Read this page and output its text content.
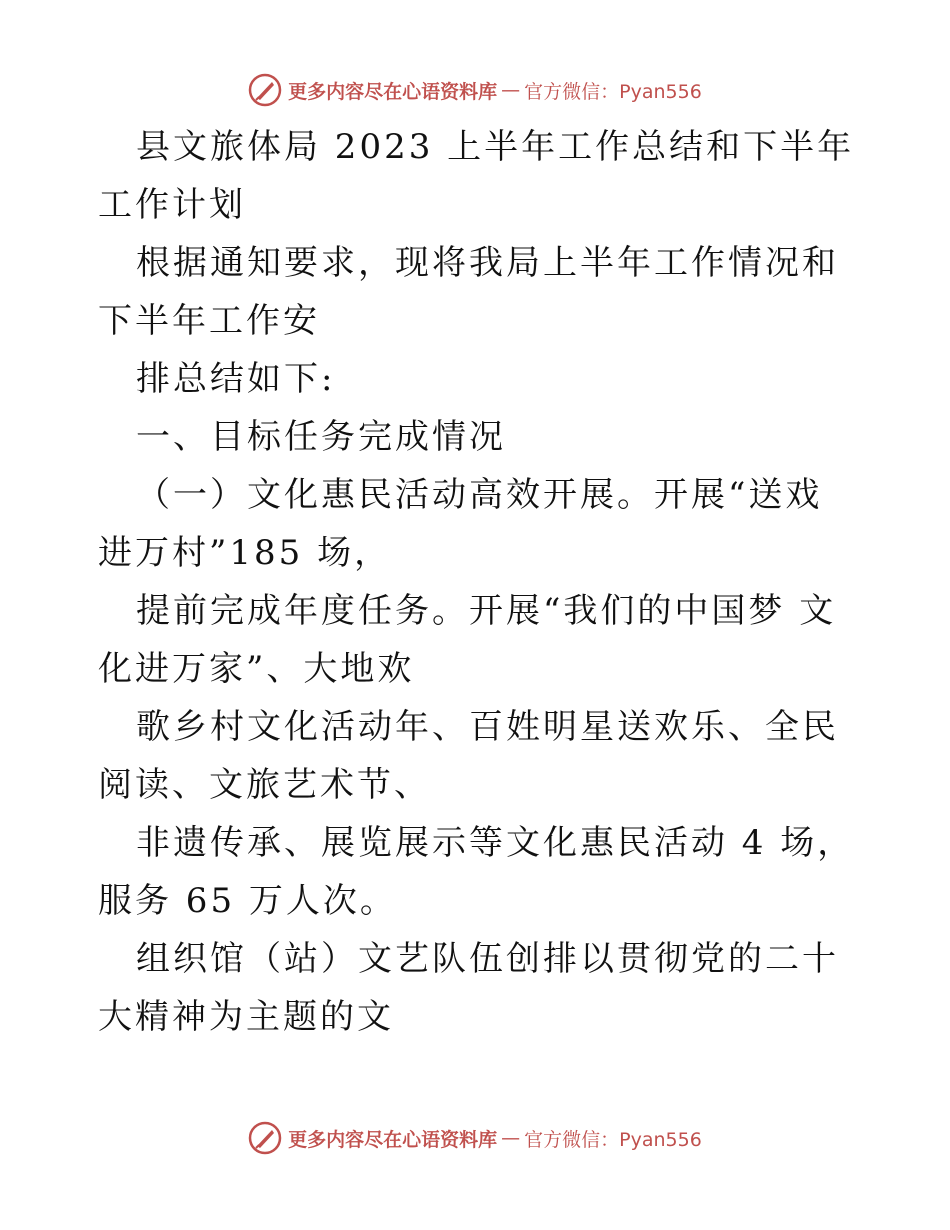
更多内容尽在心语资料库 — 官方微信：Pyan556

县文旅体局 2023 上半年工作总结和下半年工作计划

根据通知要求，现将我局上半年工作情况和下半年工作安

排总结如下:

一、目标任务完成情况

（一）文化惠民活动高效开展。开展“送戏进万村”185 场，

提前完成年度任务。开展“我们的中国梦 文化进万家”、大地欢

歌乡村文化活动年、百姓明星送欢乐、全民阅读、文旅艺术节、

非遗传承、展览展示等文化惠民活动 4 场，服务 65 万人次。

组织馆（站）文艺队伍创排以贯彻党的二十大精神为主题的文

更多内容尽在心语资料库 — 官方微信：Pyan556
